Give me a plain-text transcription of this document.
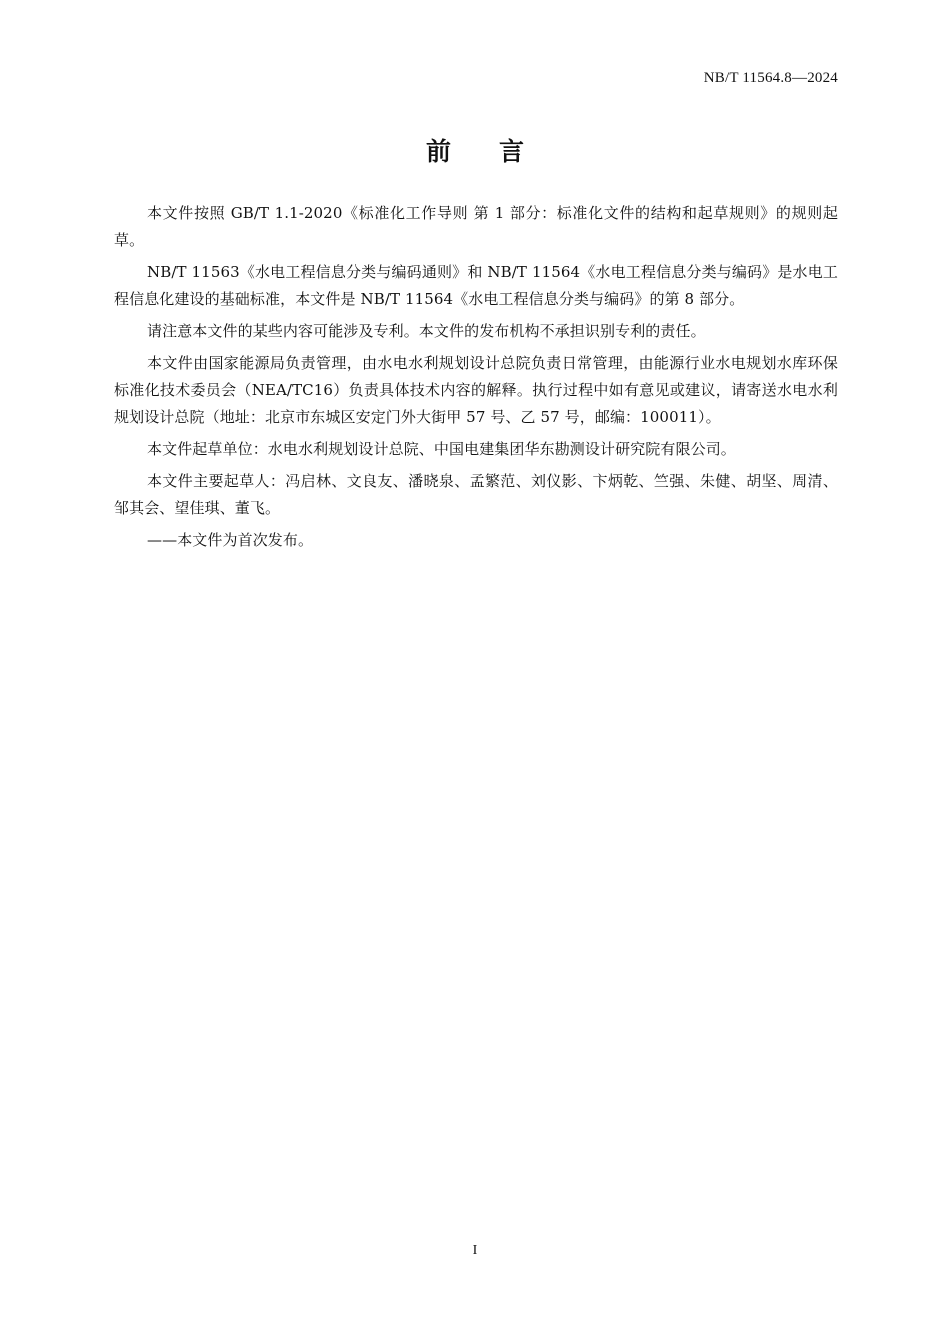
NB/T 11564.8—2024
前言

本文件按照 GB/T 1.1-2020《标准化工作导则 第 1 部分：标准化文件的结构和起草规则》的规则起草。

NB/T 11563《水电工程信息分类与编码通则》和 NB/T 11564《水电工程信息分类与编码》是水电工程信息化建设的基础标准，本文件是 NB/T 11564《水电工程信息分类与编码》的第 8 部分。

请注意本文件的某些内容可能涉及专利。本文件的发布机构不承担识别专利的责任。

本文件由国家能源局负责管理，由水电水利规划设计总院负责日常管理，由能源行业水电规划水库环保标准化技术委员会（NEA/TC16）负责具体技术内容的解释。执行过程中如有意见或建议，请寄送水电水利规划设计总院（地址：北京市东城区安定门外大街甲 57 号、乙 57 号，邮编：100011）。

本文件起草单位：水电水利规划设计总院、中国电建集团华东勘测设计研究院有限公司。

本文件主要起草人：冯启林、文良友、潘晓泉、孟繁范、刘仪影、卞炳乾、竺强、朱健、胡坚、周清、邹其会、望佳琪、董飞。

——本文件为首次发布。

I
